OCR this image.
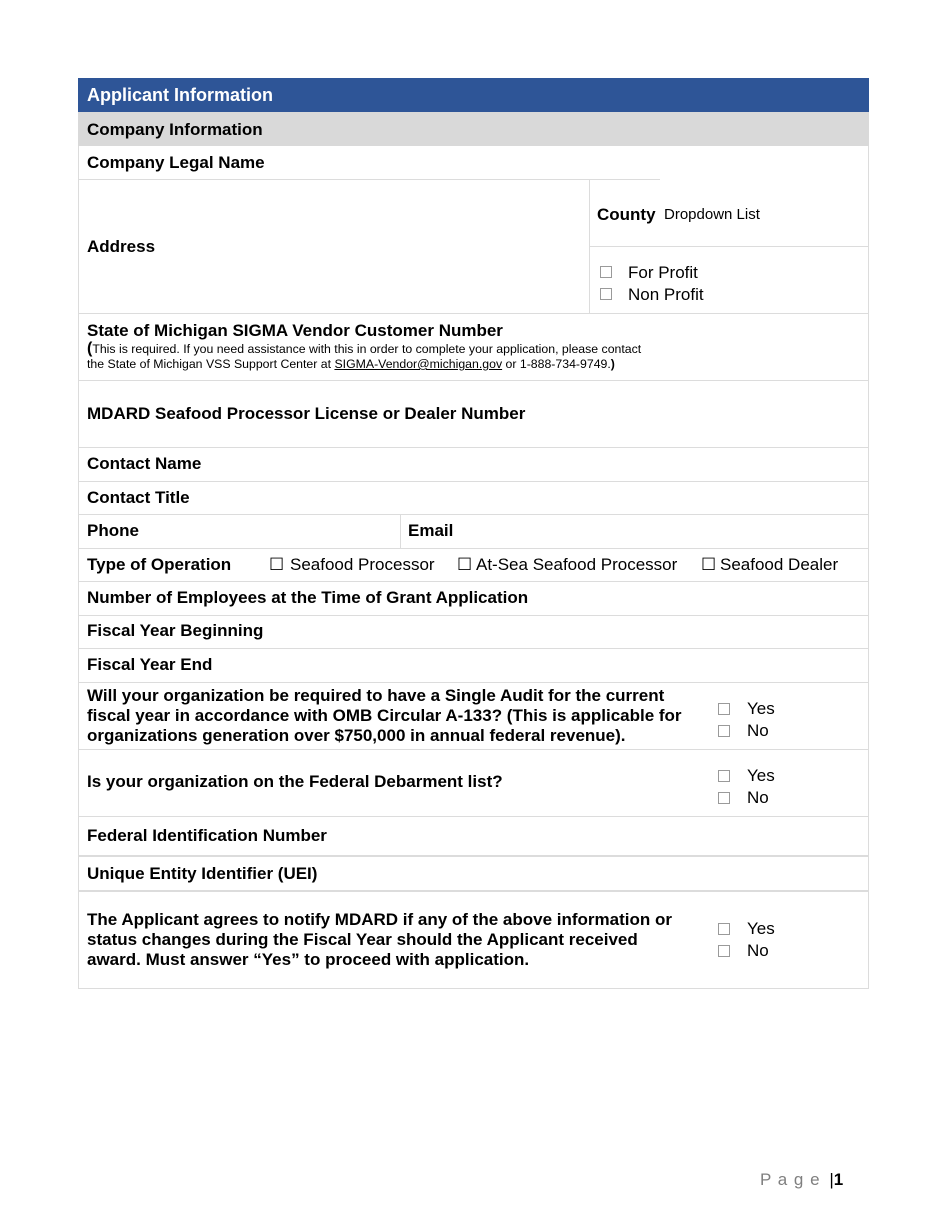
Applicant Information
Company Information
Company Legal Name
Address
County Dropdown List
For Profit
Non Profit
State of Michigan SIGMA Vendor Customer Number
(This is required. If you need assistance with this in order to complete your application, please contact
the State of Michigan VSS Support Center at SIGMA-Vendor@michigan.gov or 1-888-734-9749.)
MDARD Seafood Processor License or Dealer Number
Contact Name
Contact Title
Phone	Email
Type of Operation ☐ Seafood Processor ☐ At-Sea Seafood Processor ☐ Seafood Dealer
Number of Employees at the Time of Grant Application
Fiscal Year Beginning
Fiscal Year End
Will your organization be required to have a Single Audit for the current
fiscal year in accordance with OMB Circular A-133? (This is applicable for
organizations generation over $750,000 in annual federal revenue).
Yes
No
Is your organization on the Federal Debarment list?	Yes
No
Federal Identification Number
Unique Entity Identifier (UEI)
The Applicant agrees to notify MDARD if any of the above information or
status changes during the Fiscal Year should the Applicant received
award. Must answer “Yes” to proceed with application.
Yes
No
P a g e |1
